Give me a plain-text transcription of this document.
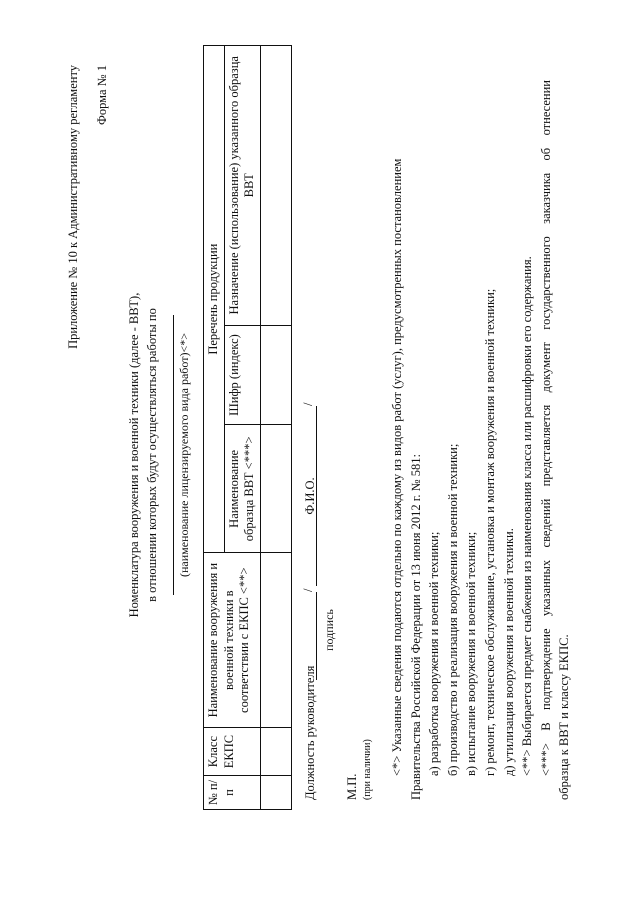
Приложение № 10 к Административному регламенту Форма № 1
Номенклатура вооружения и военной техники (далее - ВВТ), в отношении которых будут осуществляться работы по (наименование лицензируемого вида работ)<*>
№ п/п	Класс ЕКПС	Наименование вооружения и военной техники в соответствии с ЕКПС <**>	Перечень продукции		
			Наименование образца ВВТ <***>	Шифр (индекс)	Назначение (использование) указанного образца ВВТ

Должность руководителя
/
/
подпись
Ф.И.О.
М.П. (при наличии) <*> Указанные сведения подаются отдельно по каждому из видов работ (услуг), предусмотренных постановлением Правительства Российской Федерации от 13 июня 2012 г. № 581: а) разработка вооружения и военной техники; б) производство и реализация вооружения и военной техники; в) испытание вооружения и военной техники; г) ремонт, техническое обслуживание, установка и монтаж вооружения и военной техники; д) утилизация вооружения и военной техники. <**> Выбирается предмет снабжения из наименования класса или расшифровки его содержания. <***> В подтверждение указанных сведений представляется документ государственного заказчика об отнесении образца к ВВТ и классу ЕКПС.
